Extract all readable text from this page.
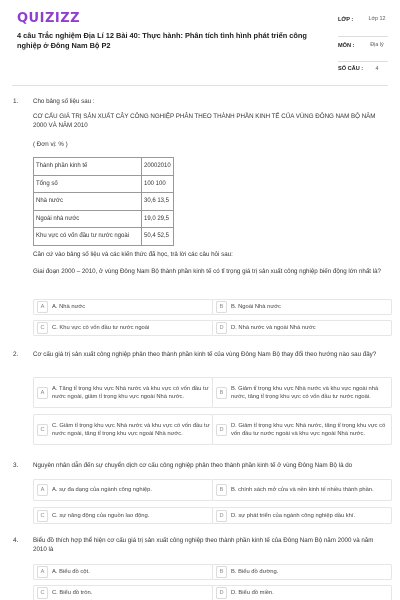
QUIZIZZ
4 câu Trắc nghiệm Địa Lí 12 Bài 40: Thực hành: Phân tích tình hình phát triển công nghiệp ở Đông Nam Bộ P2
LỚP :	Lớp 12
MÔN :	Địa lý
SỐ CÂU :	4
1. Cho bảng số liệu sau :
CƠ CẤU GIÁ TRỊ SẢN XUẤT CÂY CÔNG NGHIỆP PHÂN THEO THÀNH PHẦN KINH TẾ CỦA VÙNG ĐÔNG NAM BỘ NĂM 2000 VÀ NĂM 2010
( Đơn vị: % )
Thành phần kinh tế	20002010
Tổng số	100 100
Nhà nước	30,6 13,5
Ngoài nhà nước	19,0 29,5
Khu vực có vốn đầu tư nước ngoài	50,4 52,5
Căn cứ vào bảng số liệu và các kiến thức đã học, trả lời các câu hỏi sau:
Giai đoạn 2000 – 2010, ở vùng Đông Nam Bộ thành phần kinh tế có tỉ trọng giá trị sản xuất công nghiệp biến động lớn nhất là?
A	A. Nhà nước	B	B. Ngoài Nhà nước
C	C. Khu vực có vốn đầu tư nước ngoài	D	D. Nhà nước và ngoài Nhà nước
2. Cơ cấu giá trị sản xuất công nghiệp phân theo thành phần kinh tế của vùng Đông Nam Bộ thay đổi theo hướng nào sau đây?
A
A. Tăng tỉ trọng khu vực Nhà nước và khu vực có vốn đầu tư nước ngoài, giảm tỉ trọng khu vực ngoài Nhà nước.
B
B. Giảm tỉ trọng khu vực Nhà nước và khu vực ngoài nhà nước, tăng tỉ trọng khu vực có vốn đầu tư nước ngoài.
C
C. Giảm tỉ trọng khu vực Nhà nước và khu vực có vốn đầu tư nước ngoài, tăng tỉ trọng khu vực ngoài Nhà nước.
D
D. Giảm tỉ trọng khu vực Nhà nước, tăng tỉ trọng khu vực có vốn đầu tư nước ngoài và khu vực ngoài Nhà nước.
3. Nguyên nhân dẫn đến sự chuyển dịch cơ cấu công nghiệp phân theo thành phần kinh tế ở vùng Đông Nam Bộ là do
A	A. sự đa dạng của ngành công nghiệp.	B	B. chính sách mở cửa và nền kinh tế nhiều thành phần.
C	C. sự năng động của nguồn lao động.	D	D. sự phát triển của ngành công nghiệp dầu khí.
4. Biểu đồ thích hợp thể hiện cơ cấu giá trị sản xuất công nghiệp theo thành phần kinh tế của Đông Nam Bộ năm 2000 và năm 2010 là
A	A. Biểu đồ cột.	B	B. Biểu đồ đường.
C	C. Biểu đồ tròn.	D	D. Biểu đồ miền.
